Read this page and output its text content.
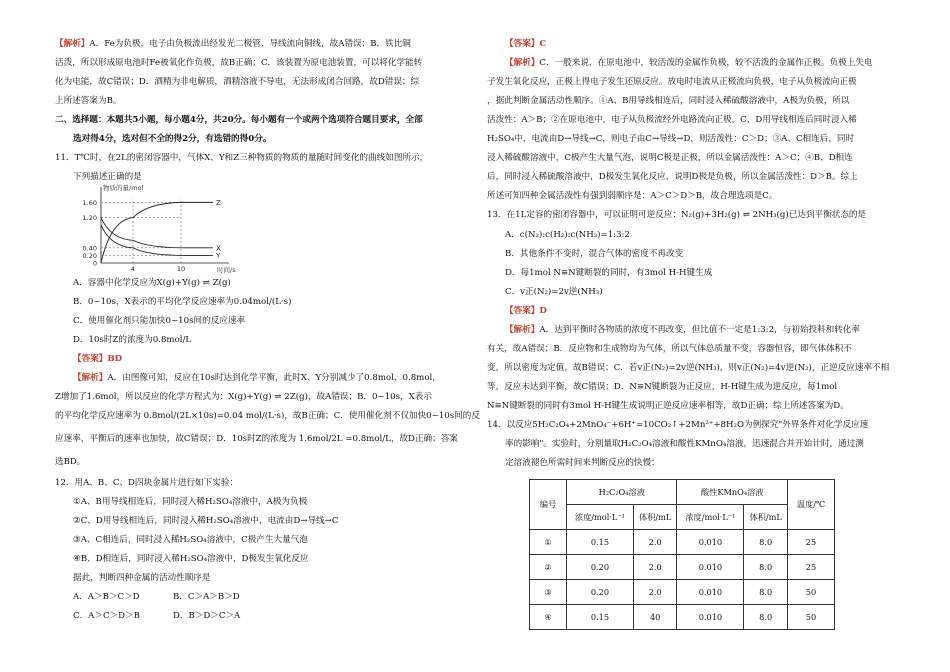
【解析】A．Fe为负极，电子由负极流出经发光二极管、导线流向铜线，故A错误；B．铁比铜
活泼，所以形成原电池时Fe被氧化作负极，故B正确；C．该装置为原电池装置，可以将化学能转
化为电能，故C错误；D．酒精为非电解质，酒精溶液不导电，无法形成闭合回路，故D错误；综
上所述答案为B。
二、选择题：本题共5小题，每小题4分，共20分。每小题有一个或两个选项符合题目要求，全部
选对得4分，选对但不全的得2分，有选错的得0分。
11．T℃时，在2L的密闭容器中，气体X、Y和Z三种物质的物质的量随时间变化的曲线如图所示，
下列描述正确的是
物质的量/mol
时间/s
1.60
1.20
0.40
0.20
0
4	10
Z
X
Y
A．容器中化学反应为X(g)+Y(g) ⇌ Z(g)
B．0~10s，X表示的平均化学反应速率为0.04mol/(L·s)
C．使用催化剂只能加快0~10s间的反应速率
D．10s时Z的浓度为0.8mol/L
【答案】BD
【解析】A．由图像可知，反应在10s时达到化学平衡，此时X、Y分别减少了0.8mol、0.8mol，
Z增加了1.6mol，所以反应的化学方程式为：X(g)+Y(g) ⇌ 2Z(g)，故A错误；B．0~10s，X表示
的平均化学反应速率为 0.8mol/(2L×10s)=0.04 mol/(L·s)，故B正确；C．使用催化剂不仅加快0~10s间的反
应速率，平衡后的速率也加快，故C错误；D．10s时Z的浓度为 1.6mol/2L =0.8mol/L，故D正确；答案
选BD。
12．用A、B、C、D四块金属片进行如下实验：
①A、B用导线相连后，同时浸入稀H₂SO₄溶液中，A极为负极
②C、D用导线相连后，同时浸入稀H₂SO₄溶液中，电流由D→导线→C
③A、C相连后，同时浸入稀H₂SO₄溶液中，C极产生大量气泡
④B、D相连后，同时浸入稀H₂SO₄溶液中，D极发生氧化反应
据此，判断四种金属的活动性顺序是
A．A＞B＞C＞D	B．C＞A＞B＞D
C．A＞C＞D＞B	D．B＞D＞C＞A
【答案】C
【解析】C．一般来说，在原电池中，较活泼的金属作负极，较不活泼的金属作正极。负极上失电
子发生氧化反应，正极上得电子发生还原反应。放电时电流从正极流向负极，电子从负极流向正极
，据此判断金属活动性顺序。①A、B用导线相连后，同时浸入稀硫酸溶液中，A极为负极，所以
活泼性：A＞B；②在原电池中，电子从负极流经外电路流向正极，C、D用导线相连后同时浸入稀
H₂SO₄中，电流由D→导线→C，则电子由C→导线→D，则活泼性：C＞D；③A、C相连后，同时
浸入稀硫酸溶液中，C极产生大量气泡，说明C极是正极，所以金属活泼性：A＞C；④B、D相连
后，同时浸入稀硫酸溶液中，D极发生氧化反应，说明D极是负极，所以金属活泼性：D＞B。综上
所述可知四种金属活泼性有强到弱顺序是：A＞C＞D＞B，故合理选项是C。
13．在1L定容的密闭容器中，可以证明可逆反应：N₂(g)+3H₂(g) ⇌ 2NH₃(g)已达到平衡状态的是
A．c(N₂):c(H₂):c(NH₃)=1:3:2
B．其他条件不变时，混合气体的密度不再改变
D．每1mol N≡N键断裂的同时，有3mol H-H键生成
C．v正(N₂)=2v逆(NH₃)
【答案】D
【解析】A．达到平衡时各物质的浓度不再改变，但比值不一定是1:3:2，与初始投料和转化率
有关，故A错误；B．反应物和生成物均为气体，所以气体总质量不变，容器恒容，即气体体积不
变，所以密度为定值，故B错误；C．若v正(N₂)=2v逆(NH₃)，则v正(N₂)=4v逆(N₂)，正逆反应速率不相
等，反应未达到平衡，故C错误；D．N≡N键断裂为正反应，H-H键生成为逆反应，每1mol
N≡N键断裂的同时有3mol H-H键生成说明正逆反应速率相等，故D正确；综上所述答案为D。
14．以反应5H₂C₂O₄+2MnO₄⁻+6H⁺=10CO₂↑+2Mn²⁺+8H₂O为例探究"外界条件对化学反应速
率的影响"。实验时，分别量取H₂C₂O₄溶液和酸性KMnO₄溶液，迅速混合并开始计时，通过测
定溶液褪色所需时间来判断反应的快慢：
编号	H₂C₂O₄溶液		酸性KMnO₄溶液		温度/℃
	浓度/mol·L⁻¹	体积/mL	浓度/mol·L⁻¹	体积/mL	
①	0.15	2.0	0.010	8.0	25
②	0.20	2.0	0.010	8.0	25
③	0.20	2.0	0.010	8.0	50
④	0.15	40	0.010	8.0	50
